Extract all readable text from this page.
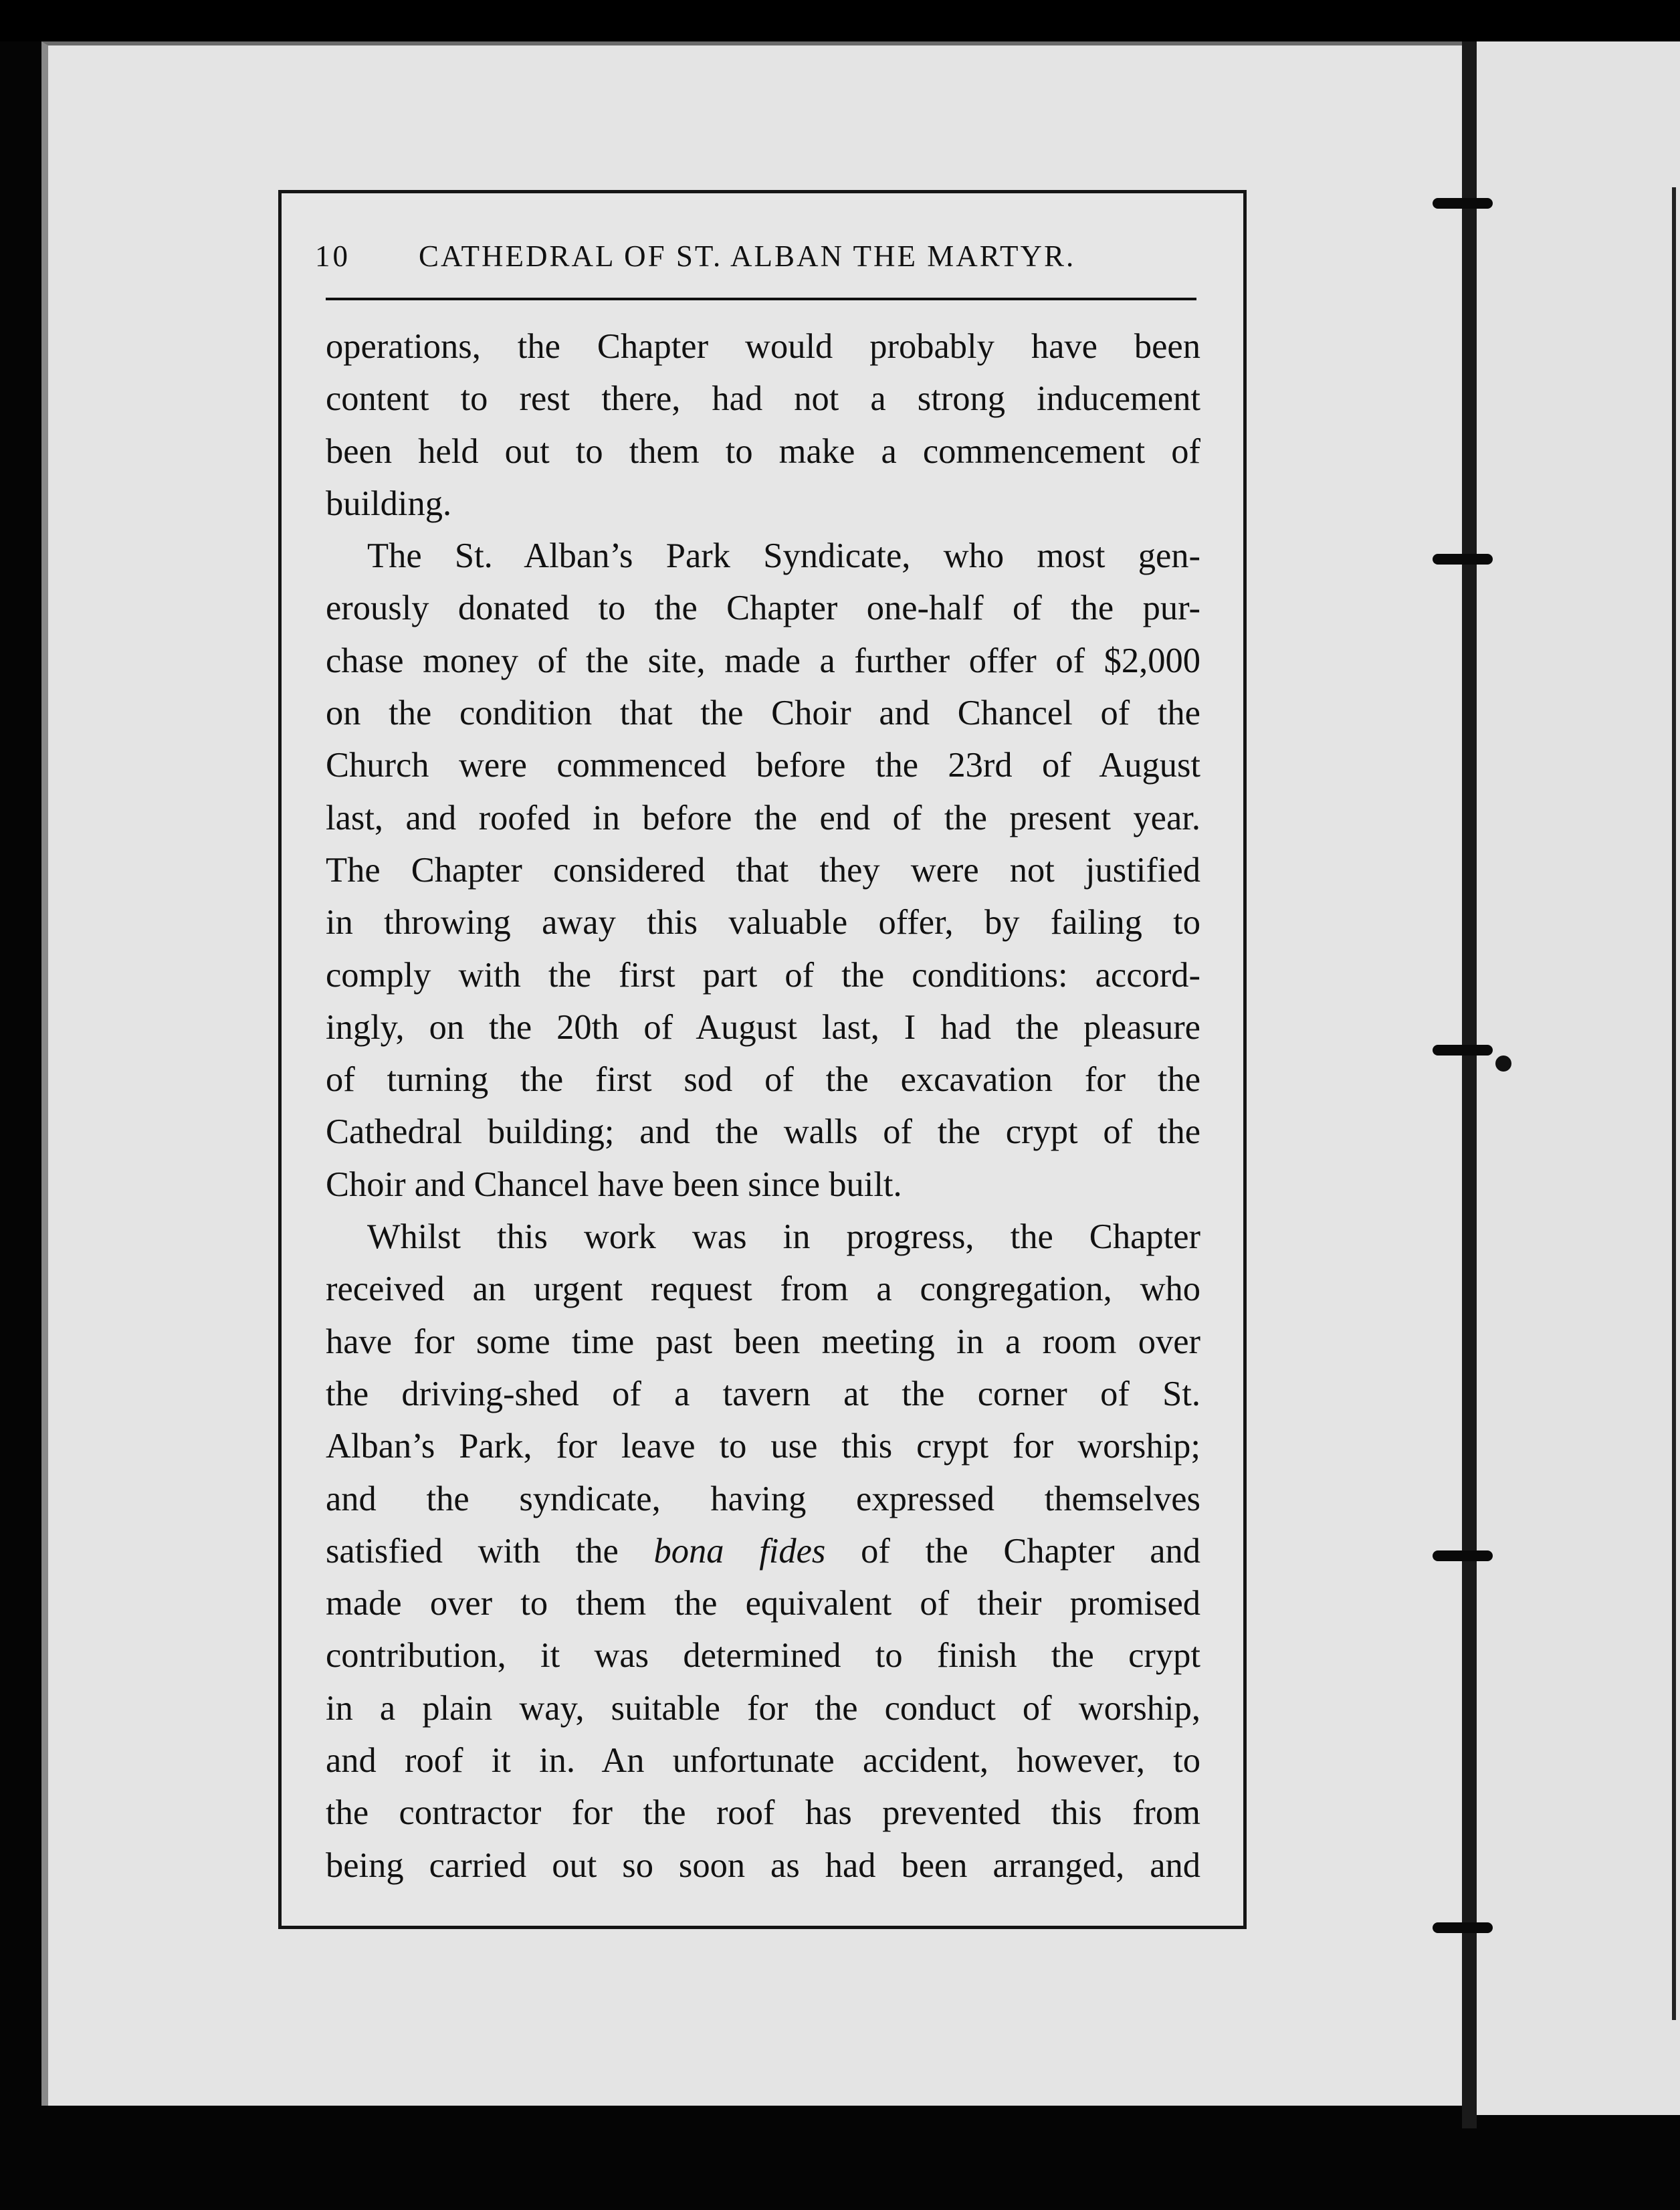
10	CATHEDRAL OF ST. ALBAN THE MARTYR.
operations, the Chapter would probably have been
content to rest there, had not a strong inducement
been held out to them to make a commencement of
building.
The St. Alban’s Park Syndicate, who most gen-
erously donated to the Chapter one-half of the pur-
chase money of the site, made a further offer of $2,000
on the condition that the Choir and Chancel of the
Church were commenced before the 23rd of August
last, and roofed in before the end of the present year.
The Chapter considered that they were not justified
in throwing away this valuable offer, by failing to
comply with the first part of the conditions: accord-
ingly, on the 20th of August last, I had the pleasure
of turning the first sod of the excavation for the
Cathedral building; and the walls of the crypt of the
Choir and Chancel have been since built.
Whilst this work was in progress, the Chapter
received an urgent request from a congregation, who
have for some time past been meeting in a room over
the driving-shed of a tavern at the corner of St.
Alban’s Park, for leave to use this crypt for worship;
and the syndicate, having expressed themselves
satisfied with the bona fides of the Chapter and
made over to them the equivalent of their promised
contribution, it was determined to finish the crypt
in a plain way, suitable for the conduct of worship,
and roof it in. An unfortunate accident, however, to
the contractor for the roof has prevented this from
being carried out so soon as had been arranged, and
